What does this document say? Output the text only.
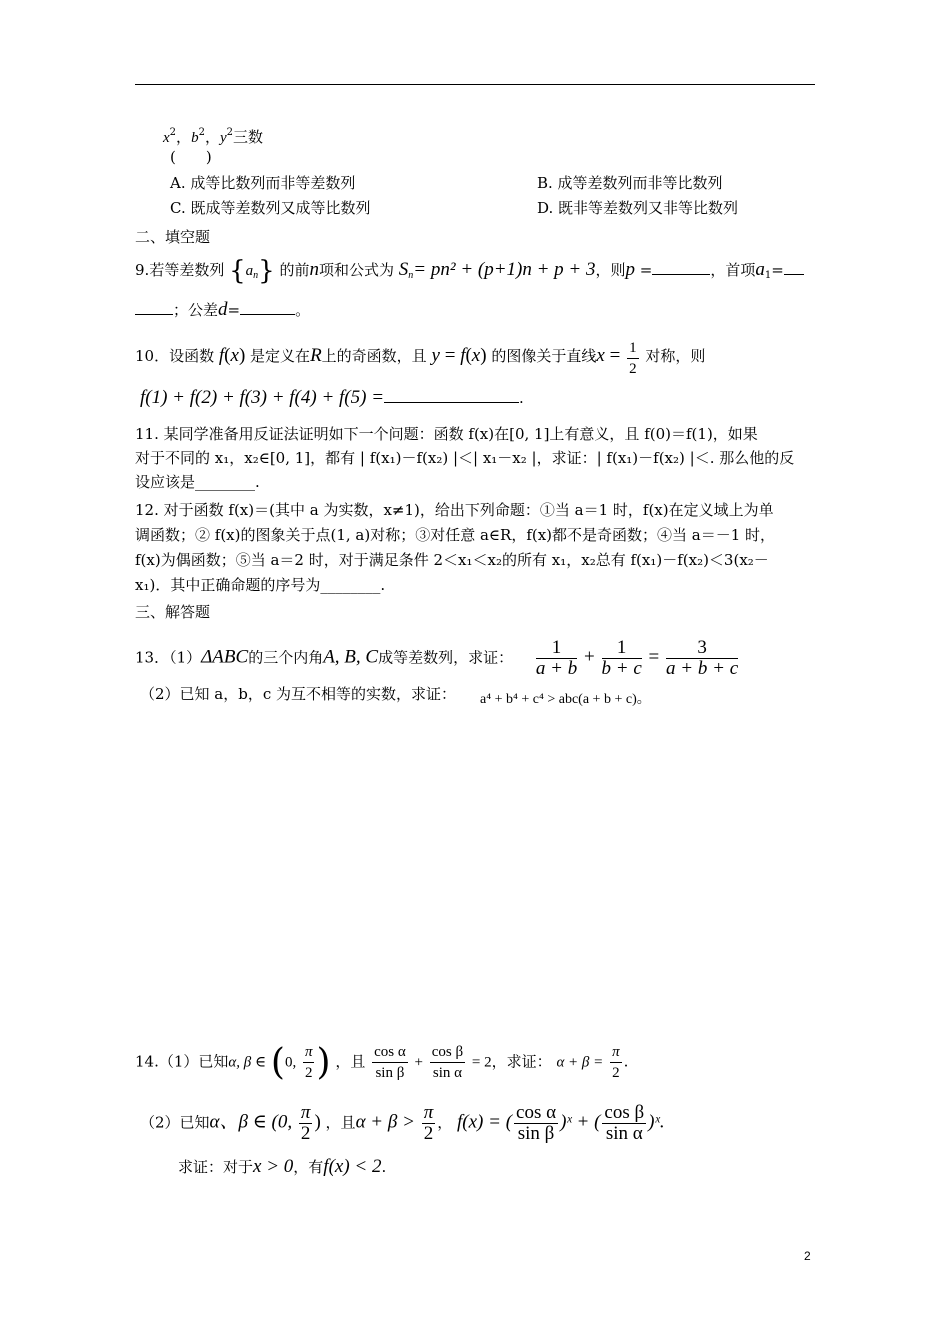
$x^2$，$b^2$，$y^2$三数
(　　)
A. 成等比数列而非等差数列	B. 成等差数列而非等比数列
C. 既成等差数列又成等比数列	D. 既非等差数列又非等比数列
二、填空题
9.若等差数列 $\{a_n\}$ 的前n项和公式为 $S_n= pn^2 + (p+1)n + p + 3$，则p =	，首项$a_1=$
；公差d=	。
10．设函数 f(x) 是定义在R上的奇函数，且 y = f(x) 的图像关于直线$x = \frac{1}{2}$ 对称，则
f(1) + f(2) + f(3) + f(4) + f(5) =	.
11. 某同学准备用反证法证明如下一个问题：函数 f(x)在[0, 1]上有意义，且 f(0)＝f(1)，如果
对于不同的 x₁，x₂∈[0, 1]，都有 | f(x₁)－f(x₂) |＜| x₁－x₂ |，求证：| f(x₁)－f(x₂) |＜. 那么他的反
设应该是________.
12. 对于函数 f(x)＝(其中 a 为实数，x≠1)，给出下列命题：①当 a＝1 时，f(x)在定义域上为单
调函数；② f(x)的图象关于点(1, a)对称；③对任意 a∈R，f(x)都不是奇函数；④当 a＝－1 时，
f(x)为偶函数；⑤当 a＝2 时，对于满足条件 2＜x₁＜x₂的所有 x₁，x₂总有 f(x₁)－f(x₂)＜3(x₂－
x₁)．其中正确命题的序号为________.
三、解答题
13．（1）ΔABC的三个内角A, B, C成等差数列，求证： $\frac{1}{a + b} + \frac{1}{b + c} = \frac{3}{a + b + c}$
（2）已知 a，b，c 为互不相等的实数，求证： a⁴ + b⁴ + c⁴ > abc(a + b + c)。
14.（1）已知α, β ∈ (0, $\frac{\pi}{2}$ ) ，且 $\frac{\text{cos α}}{\text{sin β}} + \frac{\text{cos β}}{\text{sin α}} = 2$，求证： $\alpha + \beta = \frac{\pi}{2}$ .
（2）已知α、β ∈ (0, $\frac{\pi}{2}$ ) ，且$\alpha + \beta > \frac{\pi}{2}$ ， f(x) = ( $\frac{\text{cos α}}{\text{sin β}}$ )ˣ + ( $\frac{\text{cos β}}{\text{sin α}}$ )ˣ.
求证：对于x > 0，有f(x) < 2.
2
